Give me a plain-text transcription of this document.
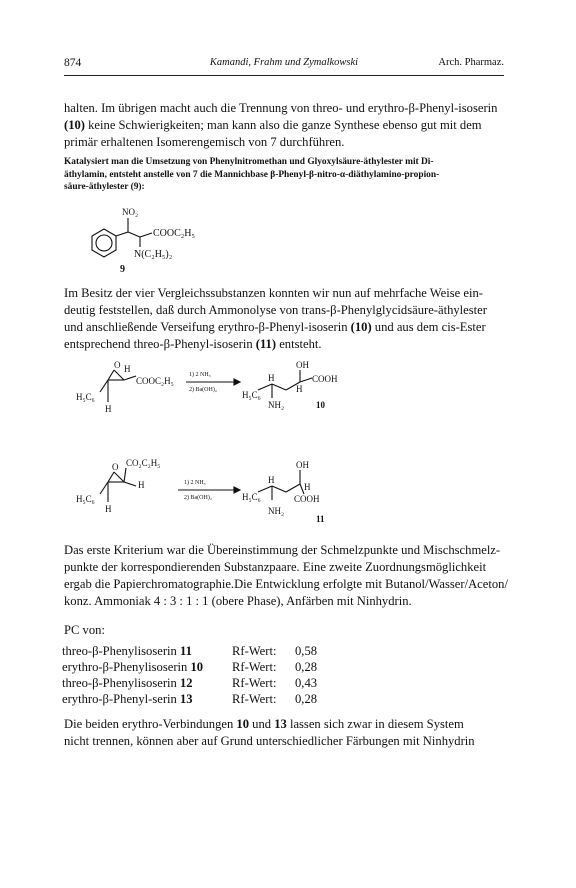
874	Kamandi, Frahm und Zymalkowski	Arch. Pharmaz.

halten. Im übrigen macht auch die Trennung von threo- und erythro-β-Phenyl-isoserin

(10) keine Schwierigkeiten; man kann also die ganze Synthese ebenso gut mit dem

primär erhaltenen Isomerengemisch von 7 durchführen.

Katalysiert man die Umsetzung von Phenylnitromethan und Glyoxylsäure-äthylester mit Di-

äthylamin, entsteht anstelle von 7 die Mannichbase β-Phenyl-β-nitro-α-diäthylamino-propion-

säure-äthylester (9):

NO₂
COOC₂H₅
N(C₂H₅)₂
9

Im Besitz der vier Vergleichssubstanzen konnten wir nun auf mehrfache Weise ein-

deutig feststellen, daß durch Ammonolyse von trans-β-Phenylglycidsäure-äthylester

und anschließende Verseifung erythro-β-Phenyl-isoserin (10) und aus dem cis-Ester

entsprechend threo-β-Phenyl-isoserin (11) entsteht.

O H
COOC₂H₅
H₅C₆
H
1) 2 NH₃
2) Ba(OH)₂
OH
H₅C₆
H	COOH
H
NH₂	10
O CO₂C₂H₅
H
H₅C₆
H
1) 2 NH₃
2) Ba(OH)₂
OH
H₅C₆
H
H
COOH
NH₂
11

Das erste Kriterium war die Übereinstimmung der Schmelzpunkte und Mischschmelz-

punkte der korrespondierenden Substanzpaare. Eine zweite Zuordnungsmöglichkeit

ergab die Papierchromatographie.Die Entwicklung erfolgte mit Butanol/Wasser/Aceton/

konz. Ammoniak 4 : 3 : 1 : 1 (obere Phase), Anfärben mit Ninhydrin.

PC von:
threo-β-Phenylisoserin 11	Rf-Wert:	0,58
erythro-β-Phenylisoserin 10	Rf-Wert:	0,28
threo-β-Phenylisoserin 12	Rf-Wert:	0,43
erythro-β-Phenyl-serin 13	Rf-Wert:	0,28

Die beiden erythro-Verbindungen 10 und 13 lassen sich zwar in diesem System

nicht trennen, können aber auf Grund unterschiedlicher Färbungen mit Ninhydrin
